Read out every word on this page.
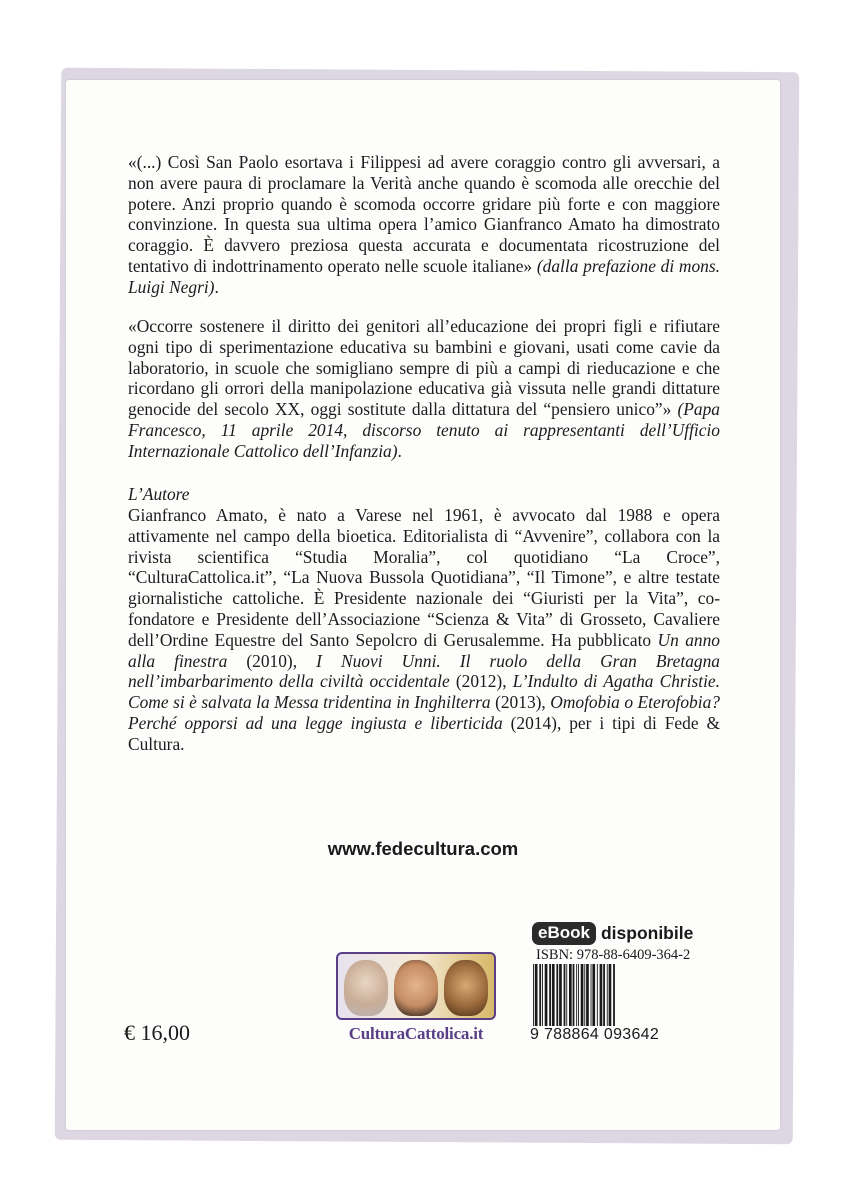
«(...) Così San Paolo esortava i Filippesi ad avere coraggio contro gli avversari, a non avere paura di proclamare la Verità anche quando è scomoda alle orecchie del potere. Anzi proprio quando è scomoda occorre gridare più forte e con maggiore convinzione. In questa sua ultima opera l’amico Gianfranco Amato ha dimostrato coraggio. È davvero preziosa questa accurata e documentata ricostruzione del tentativo di indottrinamento operato nelle scuole italiane» (dalla prefazione di mons. Luigi Negri).

«Occorre sostenere il diritto dei genitori all’educazione dei propri figli e rifiutare ogni tipo di sperimentazione educativa su bambini e giovani, usati come cavie da laboratorio, in scuole che somigliano sempre di più a campi di rieducazione e che ricordano gli orrori della manipolazione educativa già vissuta nelle grandi dittature genocide del secolo XX, oggi sostitute dalla dittatura del “pensiero unico”» (Papa Francesco, 11 aprile 2014, discorso tenuto ai rappresentanti dell’Ufficio Internazionale Cattolico dell’Infanzia).

L’Autore

Gianfranco Amato, è nato a Varese nel 1961, è avvocato dal 1988 e opera attivamente nel campo della bioetica. Editorialista di “Avvenire”, collabora con la rivista scientifica “Studia Moralia”, col quotidiano “La Croce”, “CulturaCattolica.it”, “La Nuova Bussola Quotidiana”, “Il Timone”, e altre testate giornalistiche cattoliche. È Presidente nazionale dei “Giuristi per la Vita”, co-fondatore e Presidente dell’Associazione “Scienza & Vita” di Grosseto, Cavaliere dell’Ordine Equestre del Santo Sepolcro di Gerusalemme. Ha pubblicato Un anno alla finestra (2010), I Nuovi Unni. Il ruolo della Gran Bretagna nell’imbarbarimento della civiltà occidentale (2012), L’Indulto di Agatha Christie. Come si è salvata la Messa tridentina in Inghilterra (2013), Omofobia o Eterofobia? Perché opporsi ad una legge ingiusta e liberticida (2014), per i tipi di Fede & Cultura.

www.fedecultura.com
€ 16,00	CulturaCattolica.it
eBook disponibile
ISBN: 978-88-6409-364-2
9 788864 093642
